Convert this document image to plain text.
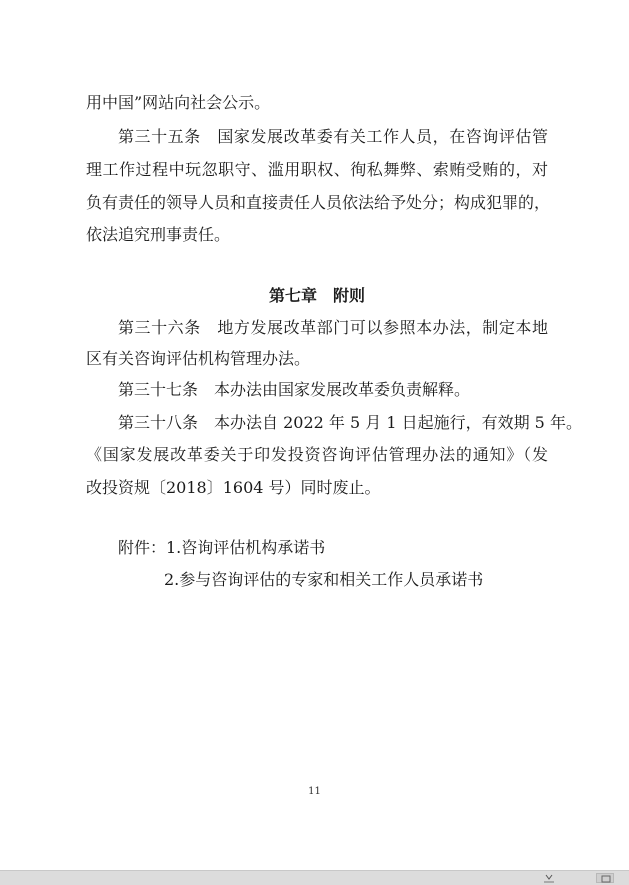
用中国”网站向社会公示。
第三十五条　国家发展改革委有关工作人员，在咨询评估管
理工作过程中玩忽职守、滥用职权、徇私舞弊、索贿受贿的，对
负有责任的领导人员和直接责任人员依法给予处分；构成犯罪的，
依法追究刑事责任。
第七章　附则
第三十六条　地方发展改革部门可以参照本办法，制定本地
区有关咨询评估机构管理办法。
第三十七条　本办法由国家发展改革委负责解释。
第三十八条　本办法自 2022 年 5 月 1 日起施行，有效期 5 年。
《国家发展改革委关于印发投资咨询评估管理办法的通知》（发
改投资规〔2018〕1604 号）同时废止。
附件：1.咨询评估机构承诺书
2.参与咨询评估的专家和相关工作人员承诺书
11
